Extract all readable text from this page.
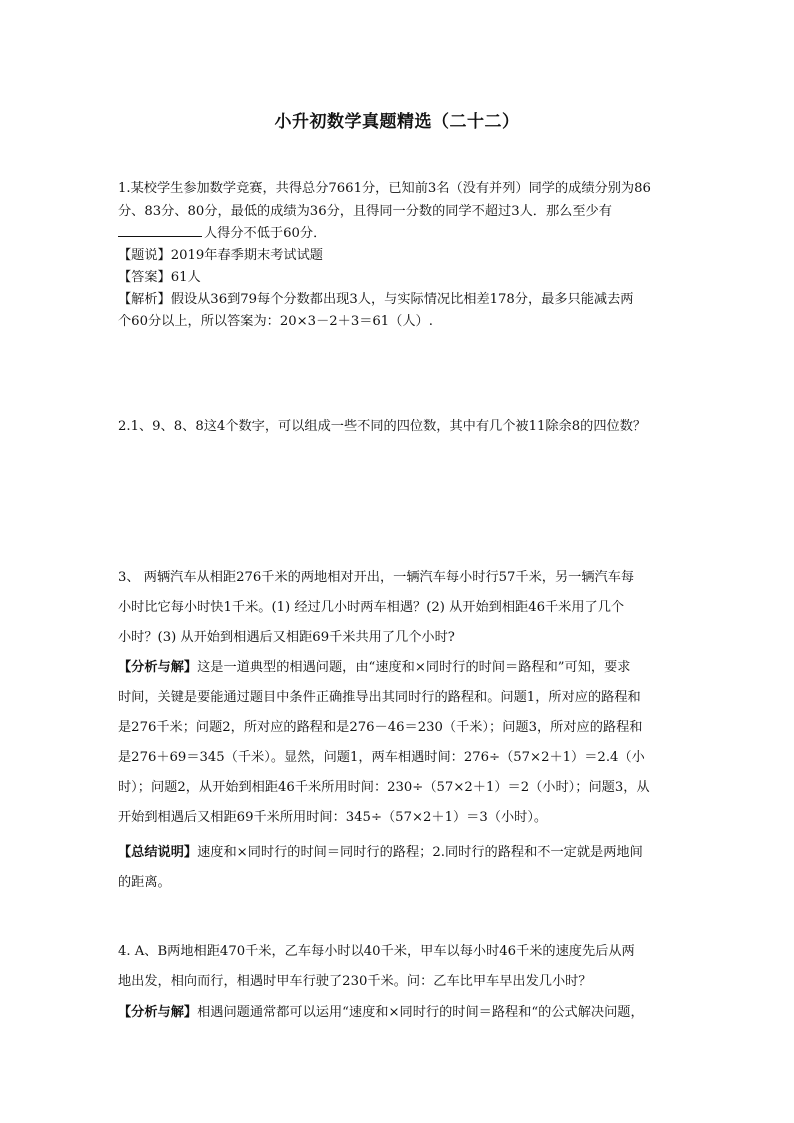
小升初数学真题精选（二十二）

1.某校学生参加数学竞赛，共得总分7661分，已知前3名（没有并列）同学的成绩分别为86

分、83分、80分，最低的成绩为36分，且得同一分数的同学不超过3人．那么至少有

人得分不低于60分．

【题说】2019年春季期末考试试题

【答案】61人

【解析】假设从36到79每个分数都出现3人，与实际情况比相差178分，最多只能减去两

个60分以上，所以答案为：20×3－2＋3＝61（人）.

2.1、9、8、8这4个数字，可以组成一些不同的四位数，其中有几个被11除余8的四位数？

3、 两辆汽车从相距276千米的两地相对开出，一辆汽车每小时行57千米，另一辆汽车每

小时比它每小时快1千米。(1) 经过几小时两车相遇？(2) 从开始到相距46千米用了几个

小时？(3) 从开始到相遇后又相距69千米共用了几个小时?

【分析与解】这是一道典型的相遇问题，由“速度和×同时行的时间＝路程和”可知，要求

时间，关键是要能通过题目中条件正确推导出其同时行的路程和。问题1，所对应的路程和

是276千米；问题2，所对应的路程和是276－46＝230（千米）；问题3，所对应的路程和

是276＋69＝345（千米）。显然，问题1，两车相遇时间：276÷（57×2＋1）＝2.4（小

时）；问题2，从开始到相距46千米所用时间：230÷（57×2＋1）＝2（小时）；问题3，从

开始到相遇后又相距69千米所用时间：345÷（57×2＋1）＝3（小时）。

【总结说明】速度和×同时行的时间＝同时行的路程；2.同时行的路程和不一定就是两地间

的距离。

4. A、B两地相距470千米，乙车每小时以40千米，甲车以每小时46千米的速度先后从两

地出发，相向而行，相遇时甲车行驶了230千米。问：乙车比甲车早出发几小时？

【分析与解】相遇问题通常都可以运用“速度和×同时行的时间＝路程和“的公式解决问题，
